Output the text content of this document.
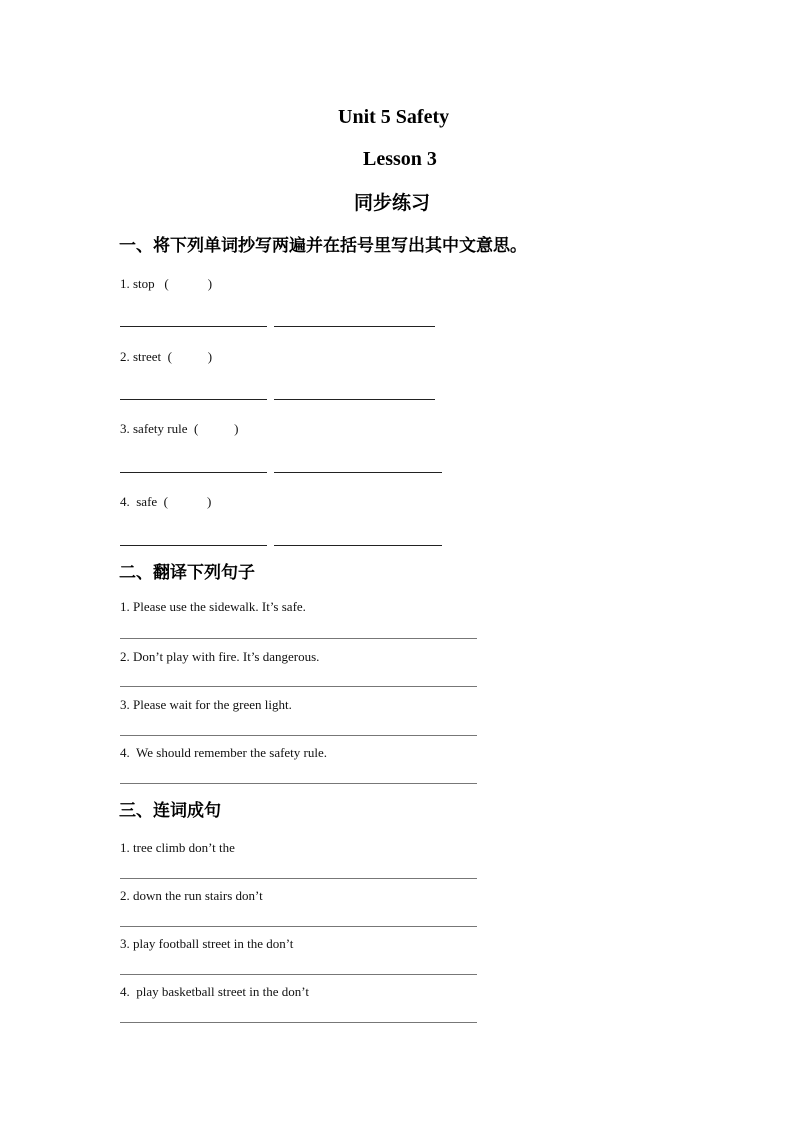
Unit 5 Safety
Lesson 3
同步练习
一、将下列单词抄写两遍并在括号里写出其中文意思。
1. stop   (            )
2. street  (           )
3. safety rule  (           )
4.  safe  (            )
二、翻译下列句子
1. Please use the sidewalk. It’s safe.
2. Don’t play with fire. It’s dangerous.
3. Please wait for the green light.
4.  We should remember the safety rule.
三、连词成句
1. tree climb don’t the
2. down the run stairs don’t
3. play football street in the don’t
4.  play basketball street in the don’t
